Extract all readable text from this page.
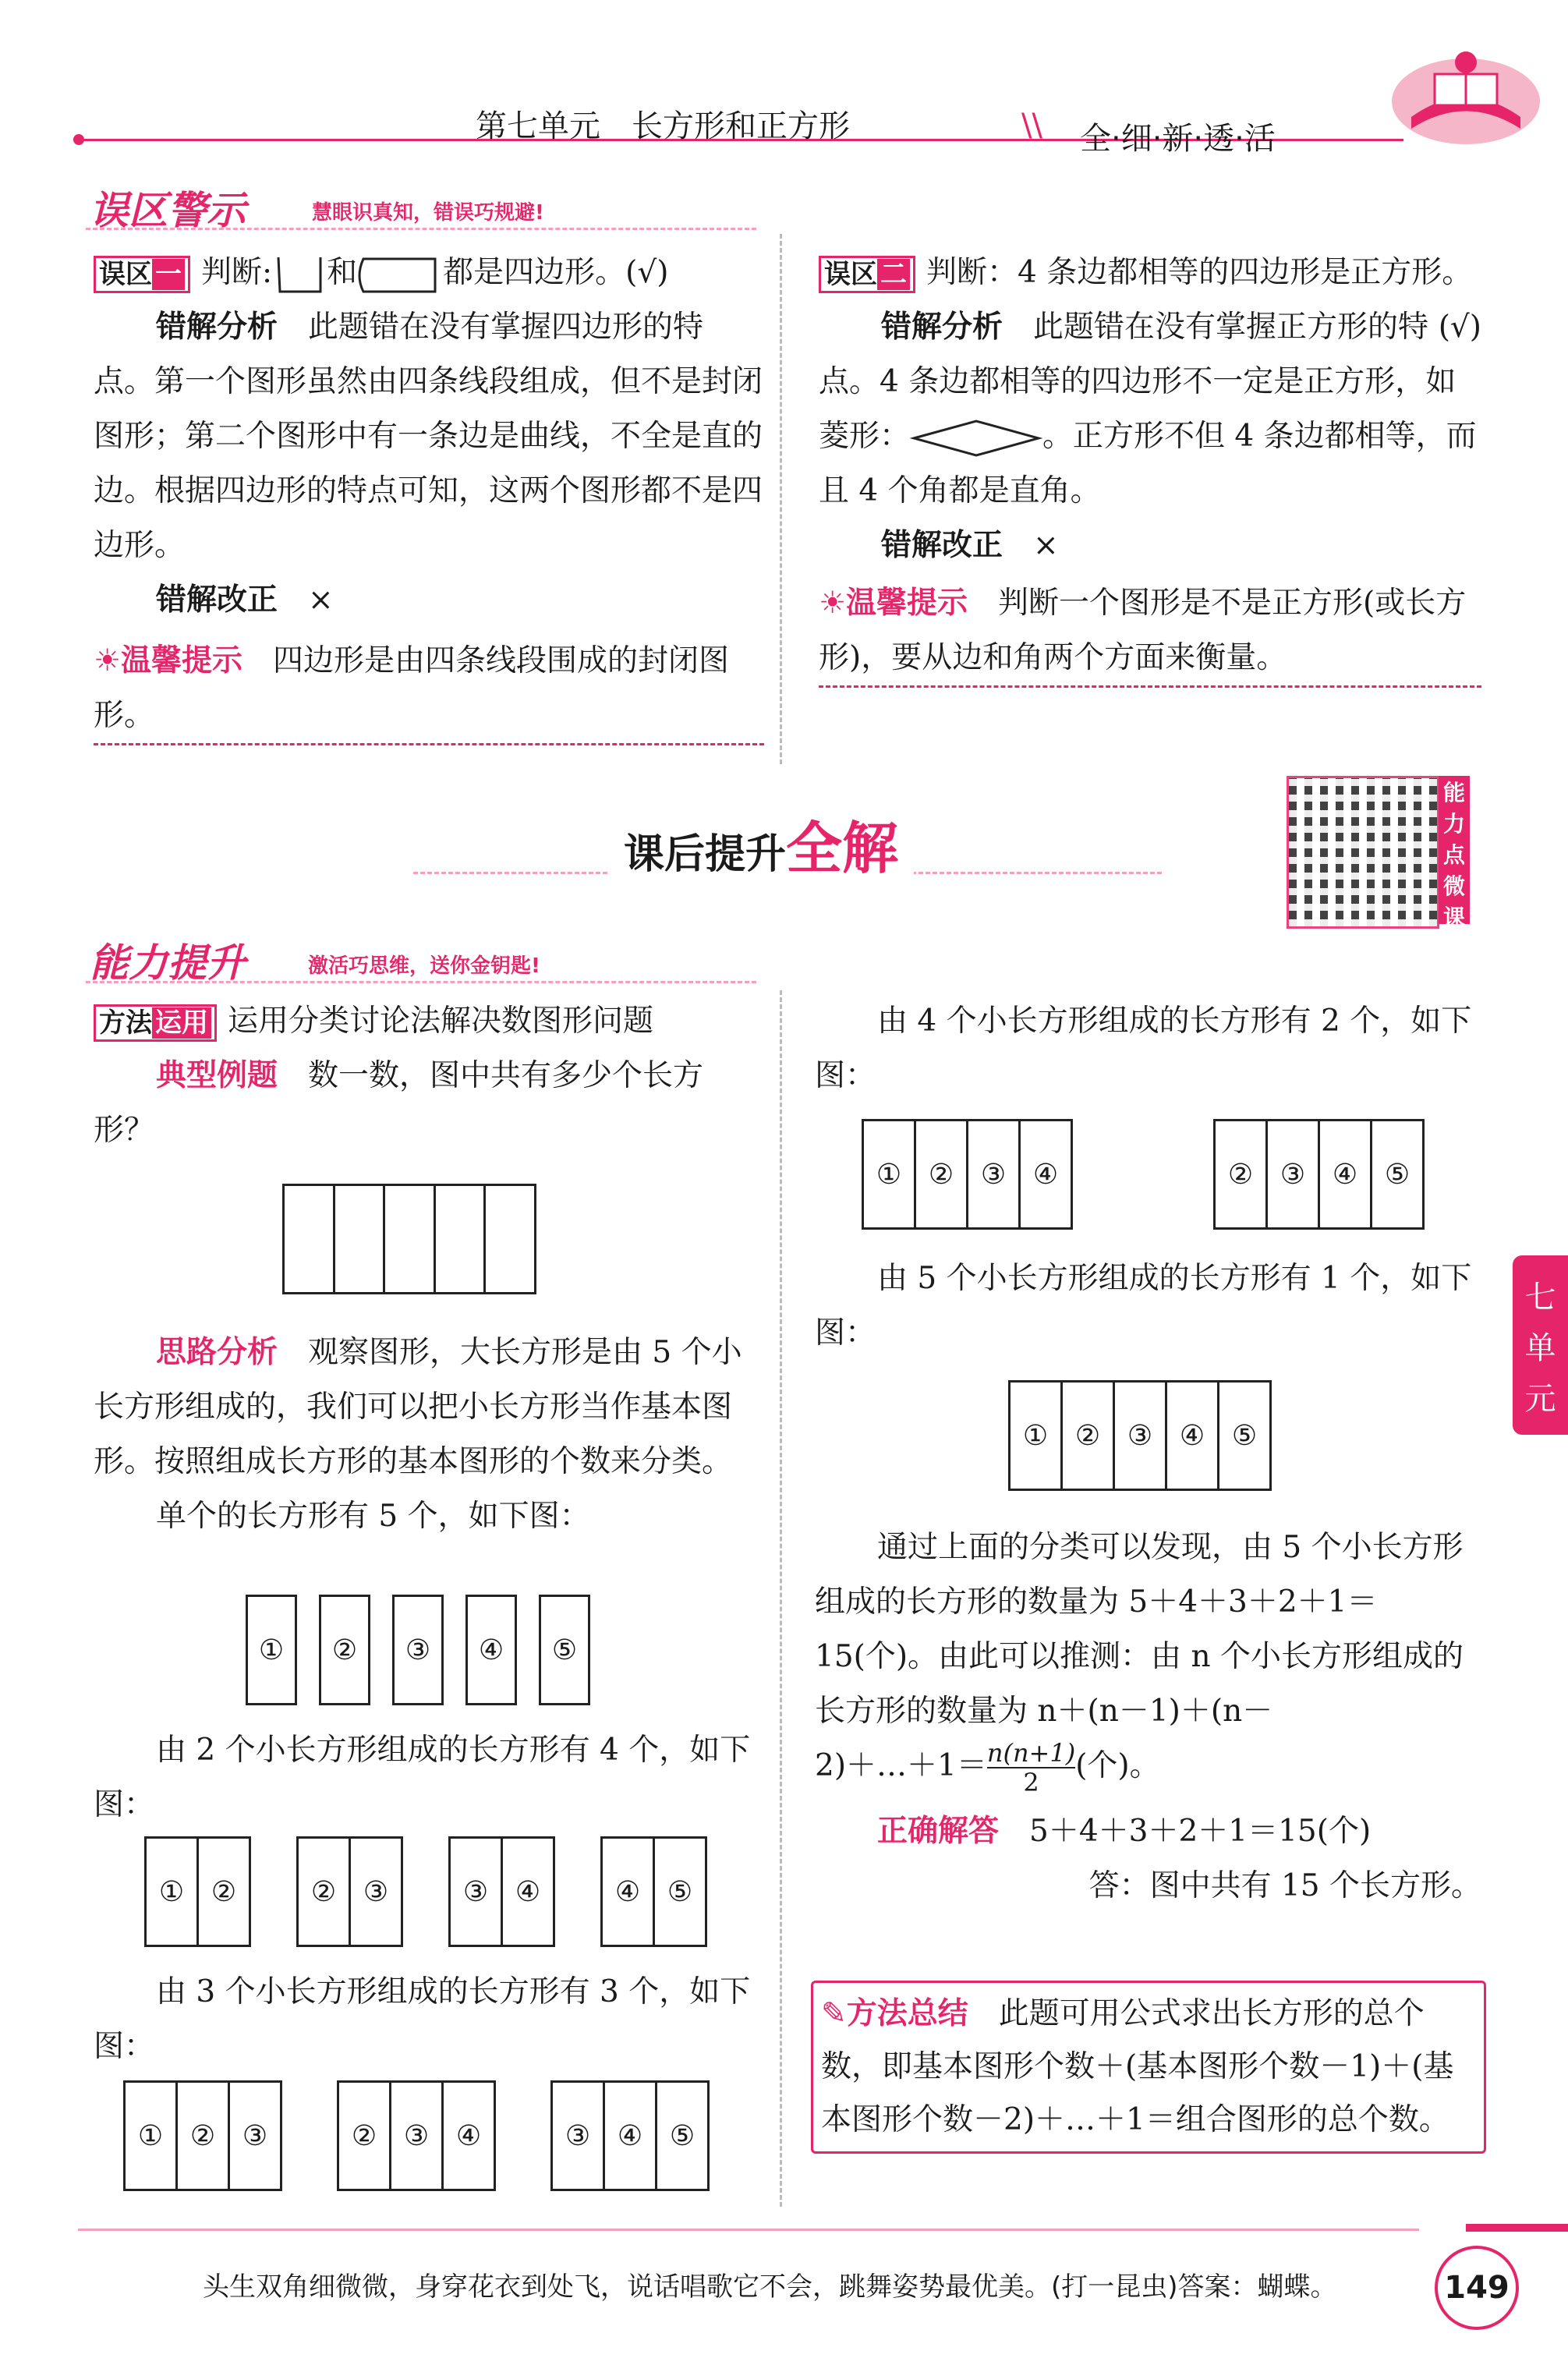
第七单元　长方形和正方形	\\ 全·细·新·透·活
误区警示	慧眼识真知，错误巧规避!

误区 一 判断: 和	都是四边形。(√)

错解分析　 此题错在没有掌握四边形的特点。第一个图形虽然由四条线段组成，但不是封闭图形；第二个图形中有一条边是曲线，不全是直的边。根据四边形的特点可知，这两个图形都不是四边形。

错解改正　 ×

☀温馨提示　 四边形是由四条线段围成的封闭图形。

误区 二 判断：4 条边都相等的四边形是正方形。
(√)

错解分析　 此题错在没有掌握正方形的特点。4 条边都相等的四边形不一定是正方形，如菱形：	。正方形不但 4 条边都相等，而且 4 个角都是直角。

错解改正　 ×

☀温馨提示　 判断一个图形是不是正方形(或长方形)，要从边和角两个方面来衡量。

课后提升全解
能
力
点
微
课
能力提升	激活巧思维，送你金钥匙!

方法 运用 运用分类讨论法解决数图形问题

典型例题　 数一数，图中共有多少个长方形？

思路分析　 观察图形，大长方形是由 5 个小长方形组成的，我们可以把小长方形当作基本图形。按照组成长方形的基本图形的个数来分类。

单个的长方形有 5 个，如下图：

①	②	③	④	⑤

由 2 个小长方形组成的长方形有 4 个，如下图：

① ②	② ③	③ ④	④ ⑤

由 3 个小长方形组成的长方形有 3 个，如下图：

① ② ③	② ③ ④	③ ④ ⑤

由 4 个小长方形组成的长方形有 2 个，如下图：

① ② ③ ④	② ③ ④ ⑤

由 5 个小长方形组成的长方形有 1 个，如下图：

① ② ③ ④ ⑤

通过上面的分类可以发现，由 5 个小长方形组成的长方形的数量为 5＋4＋3＋2＋1＝15(个)。由此可以推测：由 n 个小长方形组成的长方形的数量为 n＋(n－1)＋(n－

2)＋…＋1＝ $\frac{n(n+1)}{2}$ (个)。

正确解答　 5＋4＋3＋2＋1＝15(个)

答：图中共有 15 个长方形。

✎方法总结　 此题可用公式求出长方形的总个数，即基本图形个数＋(基本图形个数－1)＋(基本图形个数－2)＋…＋1＝组合图形的总个数。

七
单
元
头生双角细微微，身穿花衣到处飞，说话唱歌它不会，跳舞姿势最优美。(打一昆虫)答案：蝴蝶。	149
